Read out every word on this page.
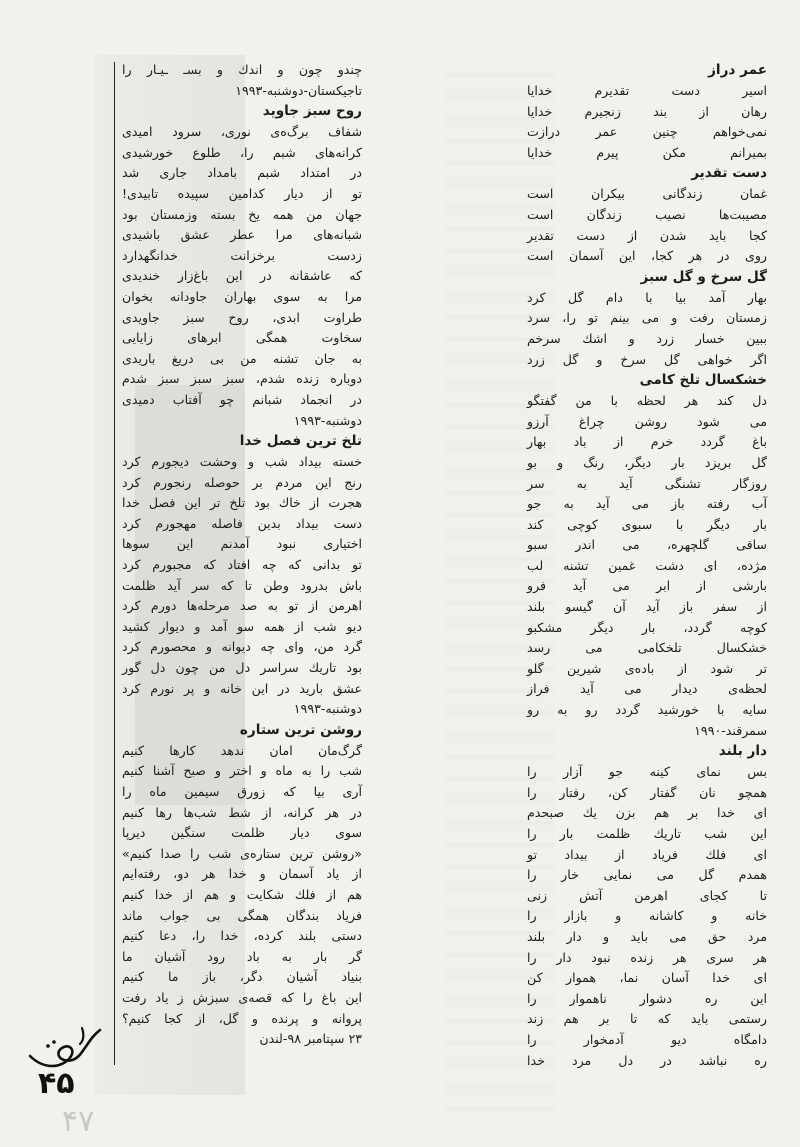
عمر دراز

اسیر دست تقدیرم خدایا

رهان از بند زنجیرم خدایا

نمی‌خواهم چنین عمر درازت

بمیرانم مكن پیرم خدایا

دست تقدير

غمان زندگانی بیکران است

مصیبت‌ها نصیب زندگان است

كجا باید شدن از دست تقدیر

روی در هر کجا، این آسمان است

گل سرخ و گل سبز

بهار آمد بیا با دام گل کرد

زمستان رفت و می بینم تو را، سرد

ببین خسار زرد و اشك سرخم

اگر خواهی گل سرخ و گل زرد

خشكسال تلخ كامی

دل کند هر لحظه با من گفتگو

می شود روشن چراغ آرزو

باغ گردد خرم از باد بهار

گل بریزد بار دیگر، رنگ و بو

روزگار تشنگی آید به سر

آب رفته باز می آید به جو

بار دیگر با سبوی کوچی کند

ساقی گلچهره، می اندر سبو

مژده، ای دشت غمین تشنه لب

بارشی از ابر می آید فرو

از سفر باز آید آن گیسو بلند

کوچه گردد، بار دیگر مشکبو

خشکسال تلخکامی می رسد

تر شود از باده‌ی شیرین گلو

لحظه‌ی دیدار می آید فراز

سایه با خورشید گردد رو به رو

سمرقند-۱۹۹۰

دار بلند

بس نمای کینه جو آزار را

همچو نان گفتار کن، رفتار را

ای خدا بر هم بزن یك صبحدم

این شب تاریك ظلمت بار را

ای فلك فریاد از بیداد تو

همدم گل می نمایی خار را

تا کجای اهرمن آتش زنی

خانه و کاشانه و بازار را

مرد حق می باید و دار بلند

هر سری هر زنده نبود دار را

ای خدا آسان نما، هموار کن

این ره دشوار ناهموار را

رستمی باید که تا بر هم زند

دامگاه دیو آدمخوار را

ره نباشد در دل مرد خدا

چندو چون و اندك و بسـ ـيـار را

تاجيكستان-دوشنبه-۱۹۹۳

روح سبز جاويد

شفاف برگ‌ه‌ی نوری، سرود امیدی

كرانه‌های شبم را، طلوع خورشیدی

در امتداد شبم بامداد جاری شد

تو از دیار کدامین سپیده تابیدی!

جهان من همه یخ بسته وزمستان بود

شبانه‌های مرا عطر عشق باشیدی

زدست برخزانت خدانگهدارد

كه عاشقانه در این باغ‌زار خندیدی

مرا به سوی بهاران جاودانه بخوان

طراوت ابدی، روح سبز جاویدی

سخاوت همگی ابرهای زایایی

به جان تشنه من بی دریغ باریدی

دوباره زنده شدم، سبز سبز سبز شدم

در انجماد شبانم چو آفتاب دمیدی

دوشنبه-۱۹۹۳

تلخ ترين فصل خدا

خسته بیداد شب و وحشت دیجورم کرد

رنج این مردم بر حوصله رنجورم کرد

هجرت از خاك بود تلخ تر این فصل خدا

دست بیداد بدین فاصله مهجورم کرد

اختیاری نبود آمدنم این سوها

تو بدانی که چه افتاد که مجبورم کرد

باش بدرود وطن تا که سر آید ظلمت

اهرمن از تو به صد مرحله‌ها دورم کرد

دیو شب از همه سو آمد و دیوار کشید

گرد من، وای چه دیوانه و محصورم کرد

بود تاریك سراسر دل من چون دل گور

عشق بارید در این خانه و پر نورم کرد

دوشنبه-۱۹۹۳

روشن ترين ستاره

گرگ‌مان امان ندهد کارها کنیم

شب را به ماه و اختر و صبح آشنا کنیم

آری بیا که زورق سیمین ماه را

در هر کرانه، از شط شب‌ها رها کنیم

سوی دیار ظلمت سنگین دیرپا

«روشن ترین ستاره‌ی شب را صدا کنیم»

از یاد آسمان و خدا هر دو، رفته‌ایم

هم از فلك شكايت و هم از خدا كنيم

فریاد بندگان همگی بی جواب ماند

دستی بلند کرده، خدا را، دعا كنيم

گر بار به باد رود آشیان ما

بنیاد آشیان دگر، باز ما کنیم

این باغ را كه قصه‌ی سبزش ز یاد رفت

پروانه و پرنده و گل، از کجا کنیم؟

۲۳ سپتامبر ۹۸-لندن

۴۵
۴۷
